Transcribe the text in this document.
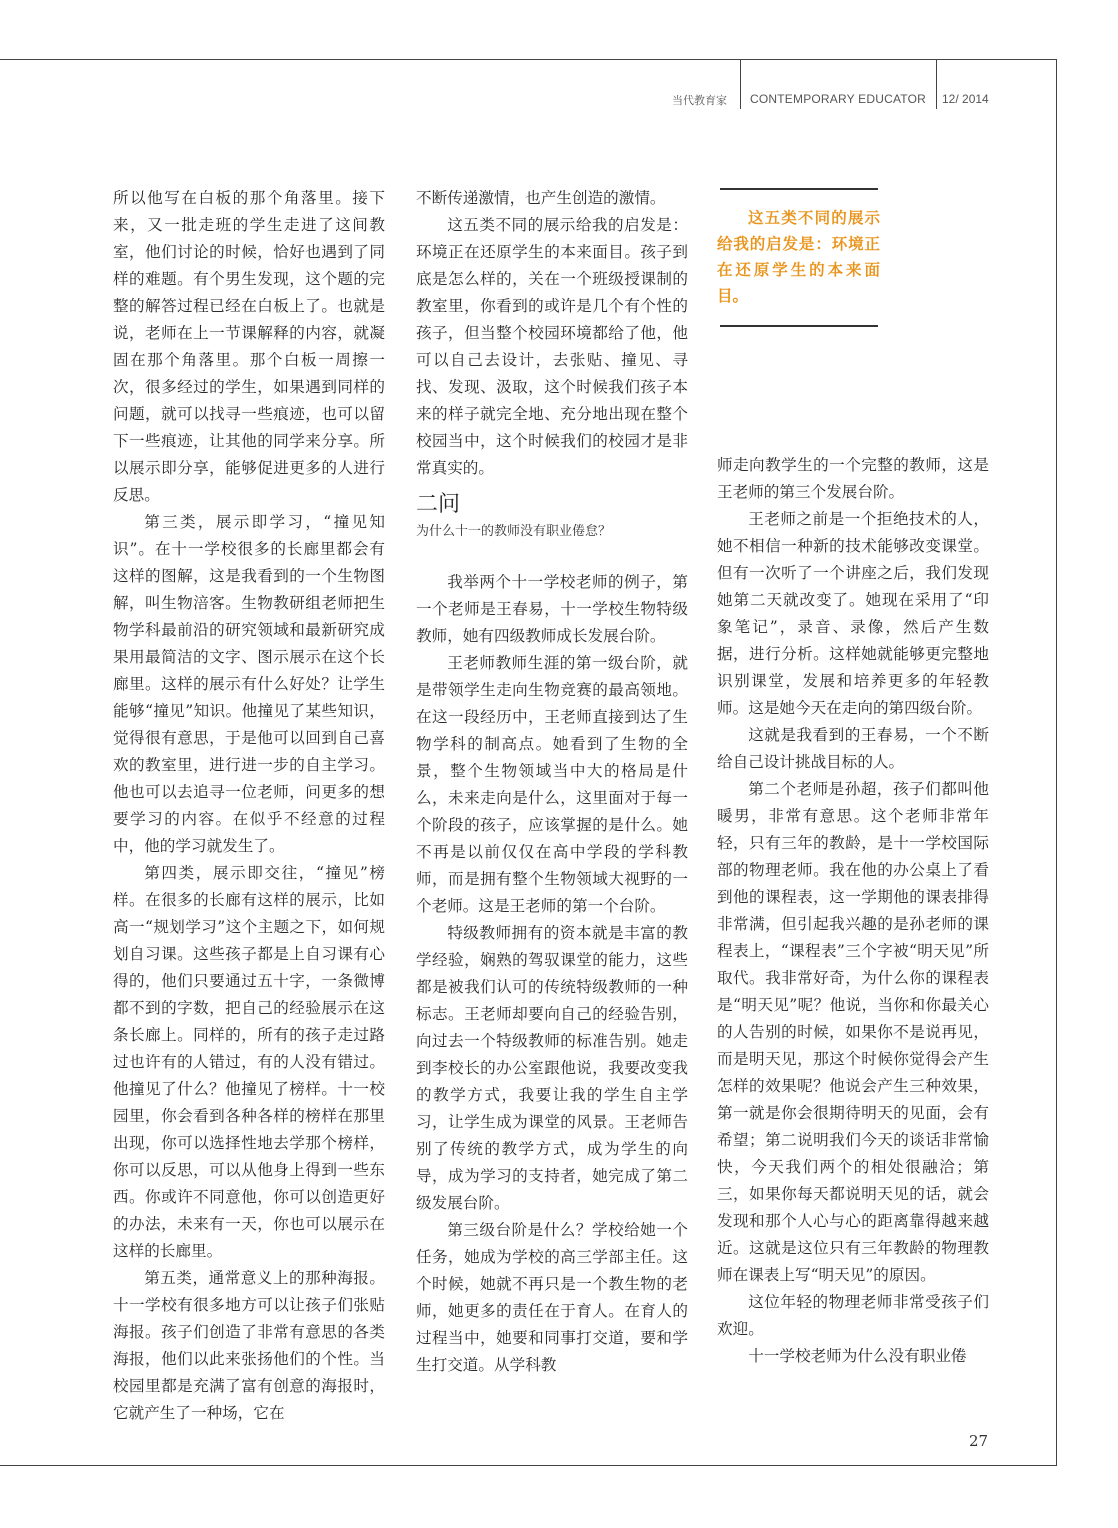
当代教育家 CONTEMPORARY EDUCATOR 12/ 2014

所以他写在白板的那个角落里。接下来，又一批走班的学生走进了这间教室，他们讨论的时候，恰好也遇到了同样的难题。有个男生发现，这个题的完整的解答过程已经在白板上了。也就是说，老师在上一节课解释的内容，就凝固在那个角落里。那个白板一周擦一次，很多经过的学生，如果遇到同样的问题，就可以找寻一些痕迹，也可以留下一些痕迹，让其他的同学来分享。所以展示即分享，能够促进更多的人进行反思。

第三类，展示即学习，“撞见知识”。在十一学校很多的长廊里都会有这样的图解，这是我看到的一个生物图解，叫生物涪客。生物教研组老师把生物学科最前沿的研究领域和最新研究成果用最简洁的文字、图示展示在这个长廊里。这样的展示有什么好处？让学生能够“撞见”知识。他撞见了某些知识，觉得很有意思，于是他可以回到自己喜欢的教室里，进行进一步的自主学习。他也可以去追寻一位老师，问更多的想要学习的内容。在似乎不经意的过程中，他的学习就发生了。

第四类，展示即交往，“撞见”榜样。在很多的长廊有这样的展示，比如高一“规划学习”这个主题之下，如何规划自习课。这些孩子都是上自习课有心得的，他们只要通过五十字，一条微博都不到的字数，把自己的经验展示在这条长廊上。同样的，所有的孩子走过路过也许有的人错过，有的人没有错过。他撞见了什么？他撞见了榜样。十一校园里，你会看到各种各样的榜样在那里出现，你可以选择性地去学那个榜样，你可以反思，可以从他身上得到一些东西。你或许不同意他，你可以创造更好的办法，未来有一天，你也可以展示在这样的长廊里。

第五类，通常意义上的那种海报。十一学校有很多地方可以让孩子们张贴海报。孩子们创造了非常有意思的各类海报，他们以此来张扬他们的个性。当校园里都是充满了富有创意的海报时，它就产生了一种场，它在

不断传递激情，也产生创造的激情。

这五类不同的展示给我的启发是：环境正在还原学生的本来面目。孩子到底是怎么样的，关在一个班级授课制的教室里，你看到的或许是几个有个性的孩子，但当整个校园环境都给了他，他可以自己去设计，去张贴、撞见、寻找、发现、汲取，这个时候我们孩子本来的样子就完全地、充分地出现在整个校园当中，这个时候我们的校园才是非常真实的。

二问

为什么十一的教师没有职业倦怠？

我举两个十一学校老师的例子，第一个老师是王春易，十一学校生物特级教师，她有四级教师成长发展台阶。

王老师教师生涯的第一级台阶，就是带领学生走向生物竞赛的最高领地。在这一段经历中，王老师直接到达了生物学科的制高点。她看到了生物的全景，整个生物领域当中大的格局是什么，未来走向是什么，这里面对于每一个阶段的孩子，应该掌握的是什么。她不再是以前仅仅在高中学段的学科教师，而是拥有整个生物领域大视野的一个老师。这是王老师的第一个台阶。

特级教师拥有的资本就是丰富的教学经验，娴熟的驾驭课堂的能力，这些都是被我们认可的传统特级教师的一种标志。王老师却要向自己的经验告别，向过去一个特级教师的标准告别。她走到李校长的办公室跟他说，我要改变我的教学方式，我要让我的学生自主学习，让学生成为课堂的风景。王老师告别了传统的教学方式，成为学生的向导，成为学习的支持者，她完成了第二级发展台阶。

第三级台阶是什么？学校给她一个任务，她成为学校的高三学部主任。这个时候，她就不再只是一个教生物的老师，她更多的责任在于育人。在育人的过程当中，她要和同事打交道，要和学生打交道。从学科教

这五类不同的展示给我的启发是：环境正在还原学生的本来面目。

师走向教学生的一个完整的教师，这是王老师的第三个发展台阶。

王老师之前是一个拒绝技术的人，她不相信一种新的技术能够改变课堂。但有一次听了一个讲座之后，我们发现她第二天就改变了。她现在采用了“印象笔记”，录音、录像，然后产生数据，进行分析。这样她就能够更完整地识别课堂，发展和培养更多的年轻教师。这是她今天在走向的第四级台阶。

这就是我看到的王春易，一个不断给自己设计挑战目标的人。

第二个老师是孙超，孩子们都叫他暖男，非常有意思。这个老师非常年轻，只有三年的教龄，是十一学校国际部的物理老师。我在他的办公桌上了看到他的课程表，这一学期他的课表排得非常满，但引起我兴趣的是孙老师的课程表上，“课程表”三个字被“明天见”所取代。我非常好奇，为什么你的课程表是“明天见”呢？他说，当你和你最关心的人告别的时候，如果你不是说再见，而是明天见，那这个时候你觉得会产生怎样的效果呢？他说会产生三种效果，第一就是你会很期待明天的见面，会有希望；第二说明我们今天的谈话非常愉快，今天我们两个的相处很融洽；第三，如果你每天都说明天见的话，就会发现和那个人心与心的距离靠得越来越近。这就是这位只有三年教龄的物理教师在课表上写“明天见”的原因。

这位年轻的物理老师非常受孩子们欢迎。

十一学校老师为什么没有职业倦

27
